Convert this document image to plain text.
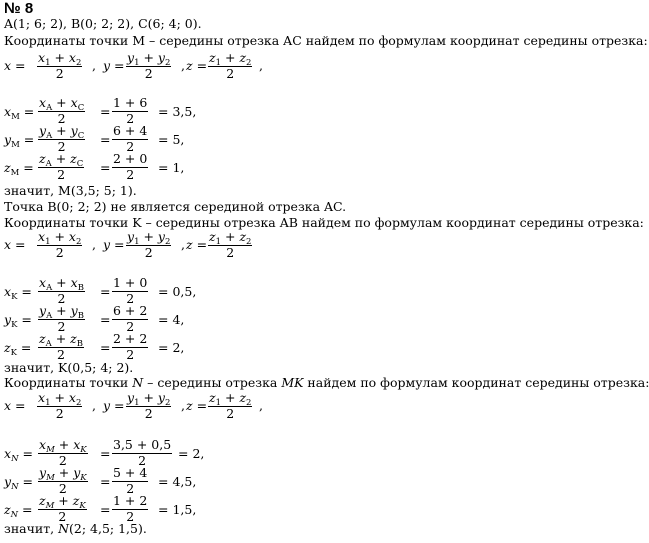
№ 8
A(1; 6; 2), B(0; 2; 2), C(6; 4; 0).
Координаты точки M – середины отрезка AC найдем по формулам координат середины отрезка:
$x = \frac{x_1 + x_2}{2}$ , $y = \frac{y_1 + y_2}{2}$ , $z = \frac{z_1 + z_2}{2}$ ,
$x_M = \frac{x_A + x_C}{2} = \frac{1 + 6}{2} = 3,5$,
$y_M = \frac{y_A + y_C}{2} = \frac{6 + 4}{2} = 5$,
$z_M = \frac{z_A + z_C}{2} = \frac{2 + 0}{2} = 1$,
значит, M(3,5; 5; 1).
Точка B(0; 2; 2) не является серединой отрезка AC.
Координаты точки K – середины отрезка AB найдем по формулам координат середины отрезка:
$x = \frac{x_1 + x_2}{2}$ , $y = \frac{y_1 + y_2}{2}$ , $z = \frac{z_1 + z_2}{2}$
$x_K = \frac{x_A + x_B}{2} = \frac{1 + 0}{2} = 0,5$,
$y_K = \frac{y_A + y_B}{2} = \frac{6 + 2}{2} = 4$,
$z_K = \frac{z_A + z_B}{2} = \frac{2 + 2}{2} = 2$,
значит, K(0,5; 4; 2).
Координаты точки N – середины отрезка MK найдем по формулам координат середины отрезка:
$x = \frac{x_1 + x_2}{2}$ , $y = \frac{y_1 + y_2}{2}$ , $z = \frac{z_1 + z_2}{2}$ ,
$x_N = \frac{x_M + x_K}{2} = \frac{3,5 + 0,5}{2} = 2$,
$y_N = \frac{y_M + y_K}{2} = \frac{5 + 4}{2} = 4,5$,
$z_N = \frac{z_M + z_K}{2} = \frac{1 + 2}{2} = 1,5$,
значит, N(2; 4,5; 1,5).
